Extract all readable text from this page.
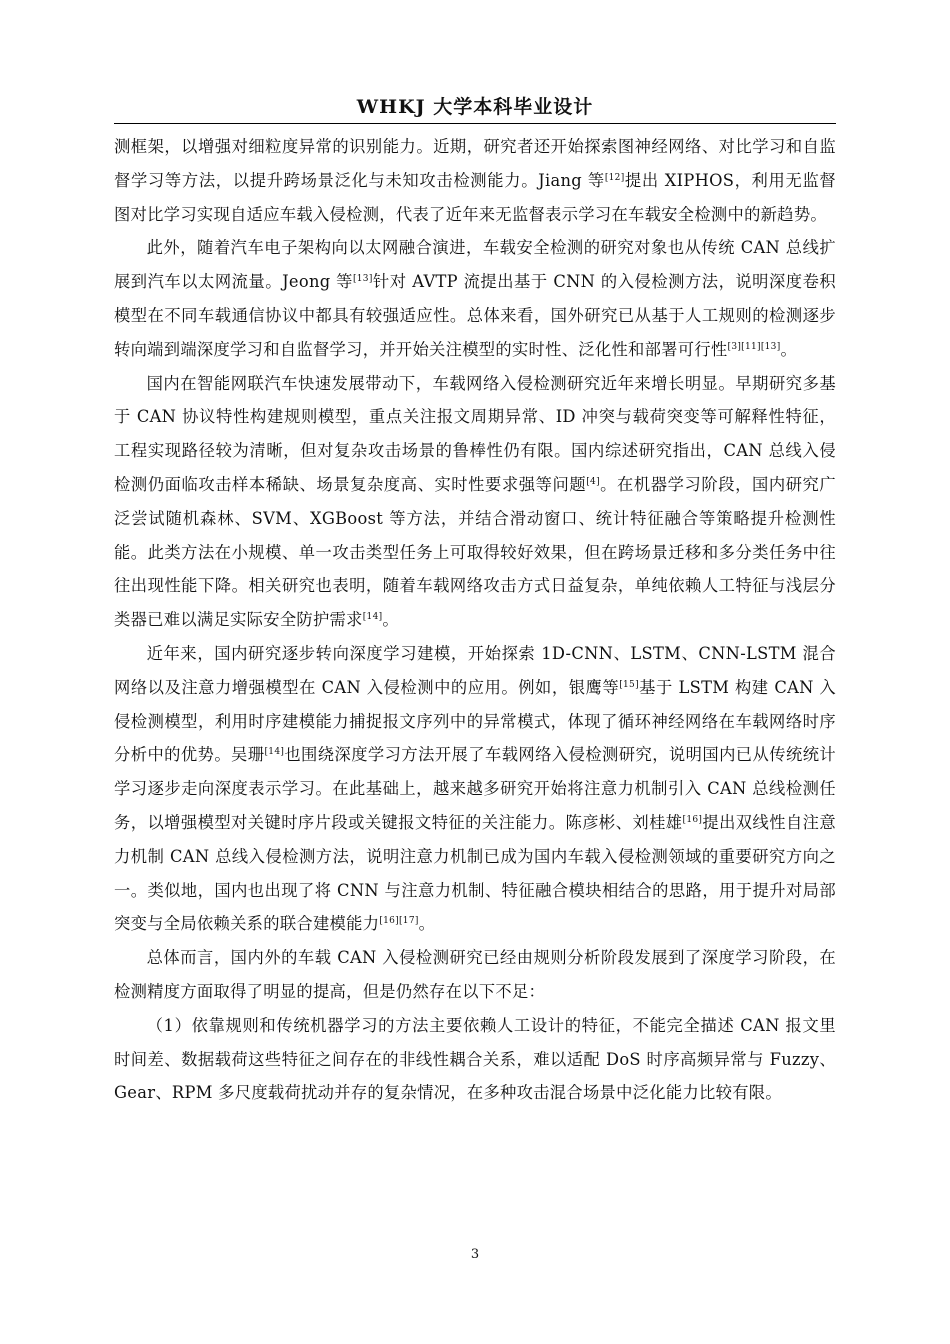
WHKJ 大学本科毕业设计

测框架，以增强对细粒度异常的识别能力。近期，研究者还开始探索图神经网络、对比学习和自监督学习等方法，以提升跨场景泛化与未知攻击检测能力。Jiang 等[12]提出 XIPHOS，利用无监督图对比学习实现自适应车载入侵检测，代表了近年来无监督表示学习在车载安全检测中的新趋势。

此外，随着汽车电子架构向以太网融合演进，车载安全检测的研究对象也从传统 CAN 总线扩展到汽车以太网流量。Jeong 等[13]针对 AVTP 流提出基于 CNN 的入侵检测方法，说明深度卷积模型在不同车载通信协议中都具有较强适应性。总体来看，国外研究已从基于人工规则的检测逐步转向端到端深度学习和自监督学习，并开始关注模型的实时性、泛化性和部署可行性[3][11][13]。

国内在智能网联汽车快速发展带动下，车载网络入侵检测研究近年来增长明显。早期研究多基于 CAN 协议特性构建规则模型，重点关注报文周期异常、ID 冲突与载荷突变等可解释性特征，工程实现路径较为清晰，但对复杂攻击场景的鲁棒性仍有限。国内综述研究指出，CAN 总线入侵检测仍面临攻击样本稀缺、场景复杂度高、实时性要求强等问题[4]。在机器学习阶段，国内研究广泛尝试随机森林、SVM、XGBoost 等方法，并结合滑动窗口、统计特征融合等策略提升检测性能。此类方法在小规模、单一攻击类型任务上可取得较好效果，但在跨场景迁移和多分类任务中往往出现性能下降。相关研究也表明，随着车载网络攻击方式日益复杂，单纯依赖人工特征与浅层分类器已难以满足实际安全防护需求[14]。

近年来，国内研究逐步转向深度学习建模，开始探索 1D-CNN、LSTM、CNN-LSTM 混合网络以及注意力增强模型在 CAN 入侵检测中的应用。例如，银鹰等[15]基于 LSTM 构建 CAN 入侵检测模型，利用时序建模能力捕捉报文序列中的异常模式，体现了循环神经网络在车载网络时序分析中的优势。吴珊[14]也围绕深度学习方法开展了车载网络入侵检测研究，说明国内已从传统统计学习逐步走向深度表示学习。在此基础上，越来越多研究开始将注意力机制引入 CAN 总线检测任务，以增强模型对关键时序片段或关键报文特征的关注能力。陈彦彬、刘桂雄[16]提出双线性自注意力机制 CAN 总线入侵检测方法，说明注意力机制已成为国内车载入侵检测领域的重要研究方向之一。类似地，国内也出现了将 CNN 与注意力机制、特征融合模块相结合的思路，用于提升对局部突变与全局依赖关系的联合建模能力[16][17]。

总体而言，国内外的车载 CAN 入侵检测研究已经由规则分析阶段发展到了深度学习阶段，在检测精度方面取得了明显的提高，但是仍然存在以下不足：

（1）依靠规则和传统机器学习的方法主要依赖人工设计的特征，不能完全描述 CAN 报文里时间差、数据载荷这些特征之间存在的非线性耦合关系，难以适配 DoS 时序高频异常与 Fuzzy、Gear、RPM 多尺度载荷扰动并存的复杂情况，在多种攻击混合场景中泛化能力比较有限。

3
